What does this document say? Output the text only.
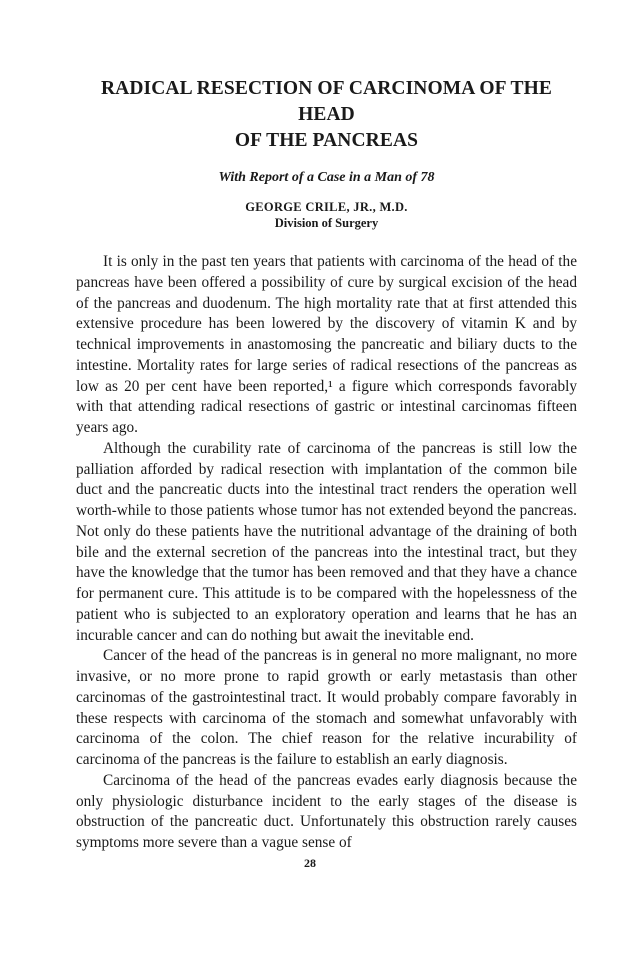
RADICAL RESECTION OF CARCINOMA OF THE HEAD
OF THE PANCREAS

With Report of a Case in a Man of 78

GEORGE CRILE, JR., M.D.

Division of Surgery

It is only in the past ten years that patients with carcinoma of the head of the pancreas have been offered a possibility of cure by surgical excision of the head of the pancreas and duodenum. The high mortality rate that at first attended this extensive procedure has been lowered by the discovery of vitamin K and by technical improvements in anastomosing the pancreatic and biliary ducts to the intestine. Mortality rates for large series of radical resections of the pancreas as low as 20 per cent have been reported,¹ a figure which corresponds favorably with that attending radical resections of gastric or intestinal carcinomas fifteen years ago.

Although the curability rate of carcinoma of the pancreas is still low the palliation afforded by radical resection with implantation of the common bile duct and the pancreatic ducts into the intestinal tract renders the operation well worth-while to those patients whose tumor has not extended beyond the pancreas. Not only do these patients have the nutritional advantage of the draining of both bile and the external secretion of the pancreas into the intestinal tract, but they have the knowledge that the tumor has been removed and that they have a chance for permanent cure. This attitude is to be compared with the hopelessness of the patient who is subjected to an exploratory operation and learns that he has an incurable cancer and can do nothing but await the inevitable end.

Cancer of the head of the pancreas is in general no more malignant, no more invasive, or no more prone to rapid growth or early metastasis than other carcinomas of the gastrointestinal tract. It would probably compare favorably in these respects with carcinoma of the stomach and somewhat unfavorably with carcinoma of the colon. The chief reason for the relative incurability of carcinoma of the pancreas is the failure to establish an early diagnosis.

Carcinoma of the head of the pancreas evades early diagnosis because the only physiologic disturbance incident to the early stages of the disease is obstruction of the pancreatic duct. Unfortunately this obstruction rarely causes symptoms more severe than a vague sense of

28
